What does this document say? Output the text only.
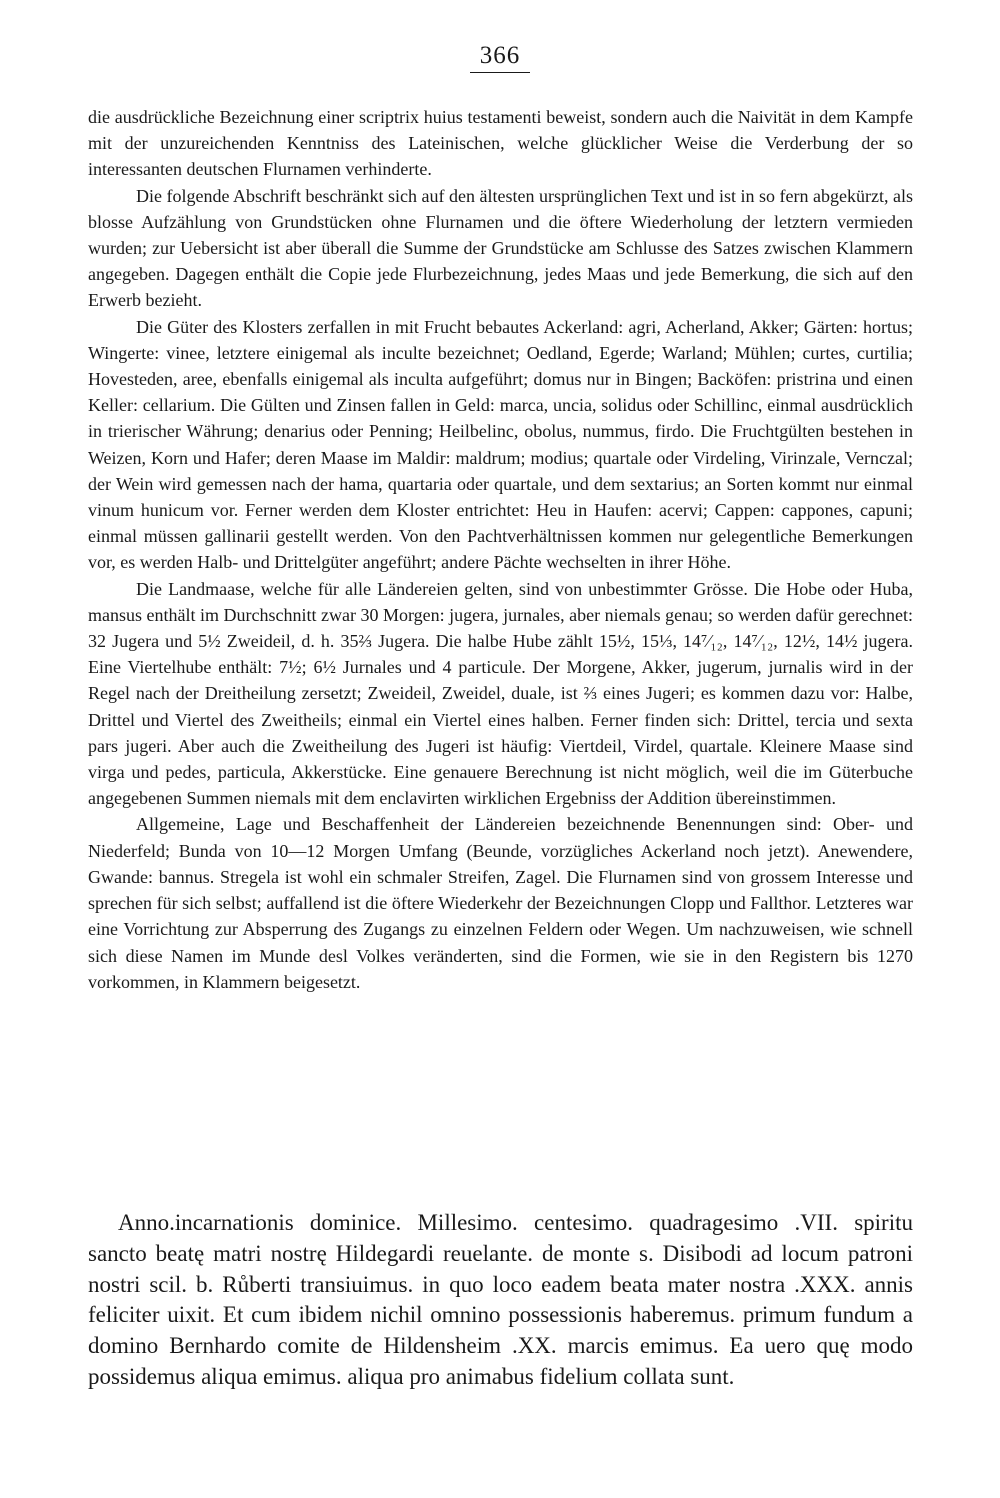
366

die ausdrückliche Bezeichnung einer scriptrix huius testamenti beweist, sondern auch die Naivität in dem Kampfe mit der unzureichenden Kenntniss des Lateinischen, welche glücklicher Weise die Verderbung der so interessanten deutschen Flurnamen verhinderte.

Die folgende Abschrift beschränkt sich auf den ältesten ursprünglichen Text und ist in so fern abgekürzt, als blosse Aufzählung von Grundstücken ohne Flurnamen und die öftere Wiederholung der letztern vermieden wurden; zur Uebersicht ist aber überall die Summe der Grundstücke am Schlusse des Satzes zwischen Klammern angegeben. Dagegen enthält die Copie jede Flurbezeichnung, jedes Maas und jede Bemerkung, die sich auf den Erwerb bezieht.

Die Güter des Klosters zerfallen in mit Frucht bebautes Ackerland: agri, Acherland, Akker; Gärten: hortus; Wingerte: vinee, letztere einigemal als inculte bezeichnet; Oedland, Egerde; Warland; Mühlen; curtes, curtilia; Hovesteden, aree, ebenfalls einigemal als inculta aufgeführt; domus nur in Bingen; Backöfen: pristrina und einen Keller: cellarium. Die Gülten und Zinsen fallen in Geld: marca, uncia, solidus oder Schillinc, einmal ausdrücklich in trierischer Währung; denarius oder Penning; Heilbelinc, obolus, nummus, firdo. Die Fruchtgülten bestehen in Weizen, Korn und Hafer; deren Maase im Maldir: maldrum; modius; quartale oder Virdeling, Virinzale, Vernczal; der Wein wird gemessen nach der hama, quartaria oder quartale, und dem sextarius; an Sorten kommt nur einmal vinum hunicum vor. Ferner werden dem Kloster entrichtet: Heu in Haufen: acervi; Cappen: cappones, capuni; einmal müssen gallinarii gestellt werden. Von den Pachtverhältnissen kommen nur gelegentliche Bemerkungen vor, es werden Halb- und Drittelgüter angeführt; andere Pächte wechselten in ihrer Höhe.

Die Landmaase, welche für alle Ländereien gelten, sind von unbestimmter Grösse. Die Hobe oder Huba, mansus enthält im Durchschnitt zwar 30 Morgen: jugera, jurnales, aber niemals genau; so werden dafür gerechnet: 32 Jugera und 5½ Zweideil, d. h. 35⅔ Jugera. Die halbe Hube zählt 15½, 15⅓, 14⁷⁄₁₂, 14⁷⁄₁₂, 12½, 14½ jugera. Eine Viertelhube enthält: 7½; 6½ Jurnales und 4 particule. Der Morgene, Akker, jugerum, jurnalis wird in der Regel nach der Dreitheilung zersetzt; Zweideil, Zweidel, duale, ist ⅔ eines Jugeri; es kommen dazu vor: Halbe, Drittel und Viertel des Zweitheils; einmal ein Viertel eines halben. Ferner finden sich: Drittel, tercia und sexta pars jugeri. Aber auch die Zweitheilung des Jugeri ist häufig: Viertdeil, Virdel, quartale. Kleinere Maase sind virga und pedes, particula, Akkerstücke. Eine genauere Berechnung ist nicht möglich, weil die im Güterbuche angegebenen Summen niemals mit dem enclavirten wirklichen Ergebniss der Addition übereinstimmen.

Allgemeine, Lage und Beschaffenheit der Ländereien bezeichnende Benennungen sind: Ober- und Niederfeld; Bunda von 10—12 Morgen Umfang (Beunde, vorzügliches Ackerland noch jetzt). Anewendere, Gwande: bannus. Stregela ist wohl ein schmaler Streifen, Zagel. Die Flurnamen sind von grossem Interesse und sprechen für sich selbst; auffallend ist die öftere Wiederkehr der Bezeichnungen Clopp und Fallthor. Letzteres war eine Vorrichtung zur Absperrung des Zugangs zu einzelnen Feldern oder Wegen. Um nachzuweisen, wie schnell sich diese Namen im Munde desl Volkes veränderten, sind die Formen, wie sie in den Registern bis 1270 vorkommen, in Klammern beigesetzt.

Anno.incarnationis dominice. Millesimo. centesimo. quadragesimo .VII. spiritu sancto beatę matri nostrę Hildegardi reuelante. de monte s. Disibodi ad locum patroni nostri scil. b. Růberti transiuimus. in quo loco eadem beata mater nostra .XXX. annis feliciter uixit. Et cum ibidem nichil omnino possessionis haberemus. primum fundum a domino Bernhardo comite de Hildensheim .XX. marcis emimus. Ea uero quę modo possidemus aliqua emimus. aliqua pro animabus fidelium collata sunt.
